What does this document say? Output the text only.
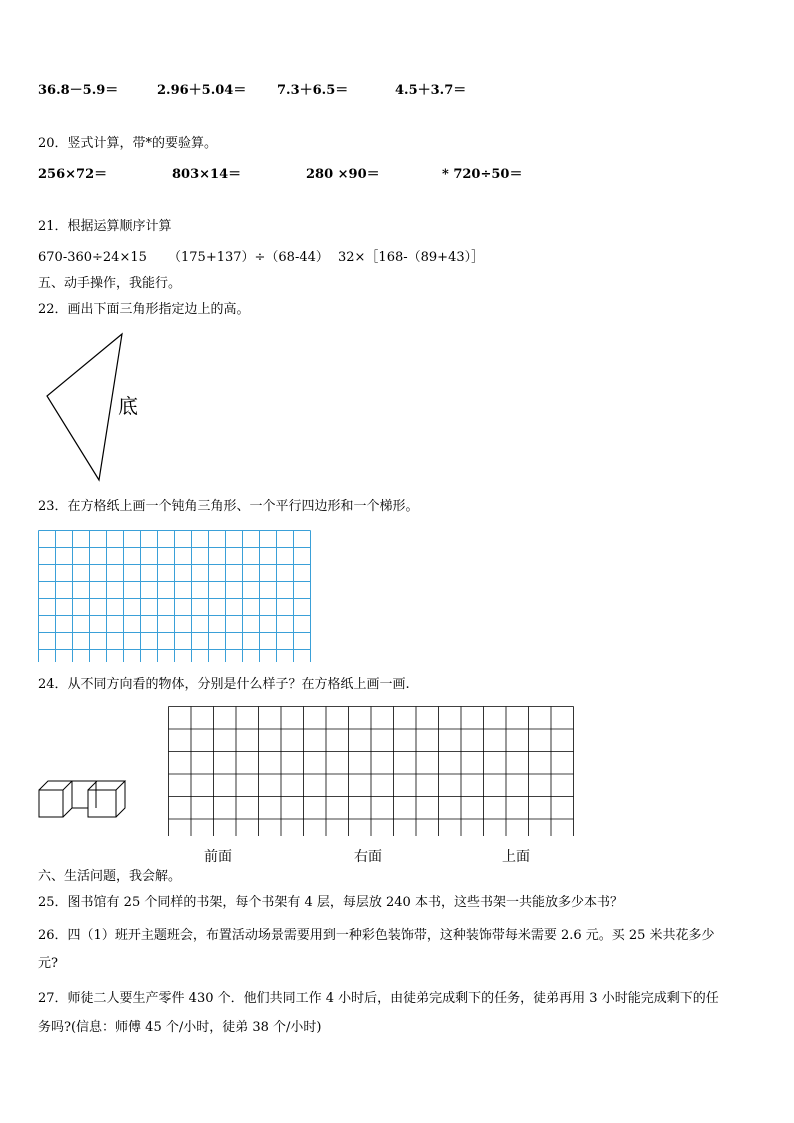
36.8－5.9＝	2.96＋5.04＝ 7.3＋6.5＝	4.5＋3.7＝
20．竖式计算，带*的要验算。
256×72＝	803×14＝	280 ×90＝	* 720÷50＝
21．根据运算顺序计算
670-360÷24×15 （175+137）÷（68-44） 32×［168-（89+43）］
五、动手操作，我能行。
22．画出下面三角形指定边上的高。
底
23．在方格纸上画一个钝角三角形、一个平行四边形和一个梯形。
24．从不同方向看的物体，分别是什么样子？在方格纸上画一画.
前面	右面	上面
六、生活问题，我会解。
25．图书馆有 25 个同样的书架，每个书架有 4 层，每层放 240 本书，这些书架一共能放多少本书？
26．四（1）班开主题班会，布置活动场景需要用到一种彩色装饰带，这种装饰带每米需要 2.6 元。买 25 米共花多少
元?
27．师徒二人要生产零件 430 个．他们共同工作 4 小时后，由徒弟完成剩下的任务，徒弟再用 3 小时能完成剩下的任
务吗?(信息：师傅 45 个/小时，徒弟 38 个/小时)
